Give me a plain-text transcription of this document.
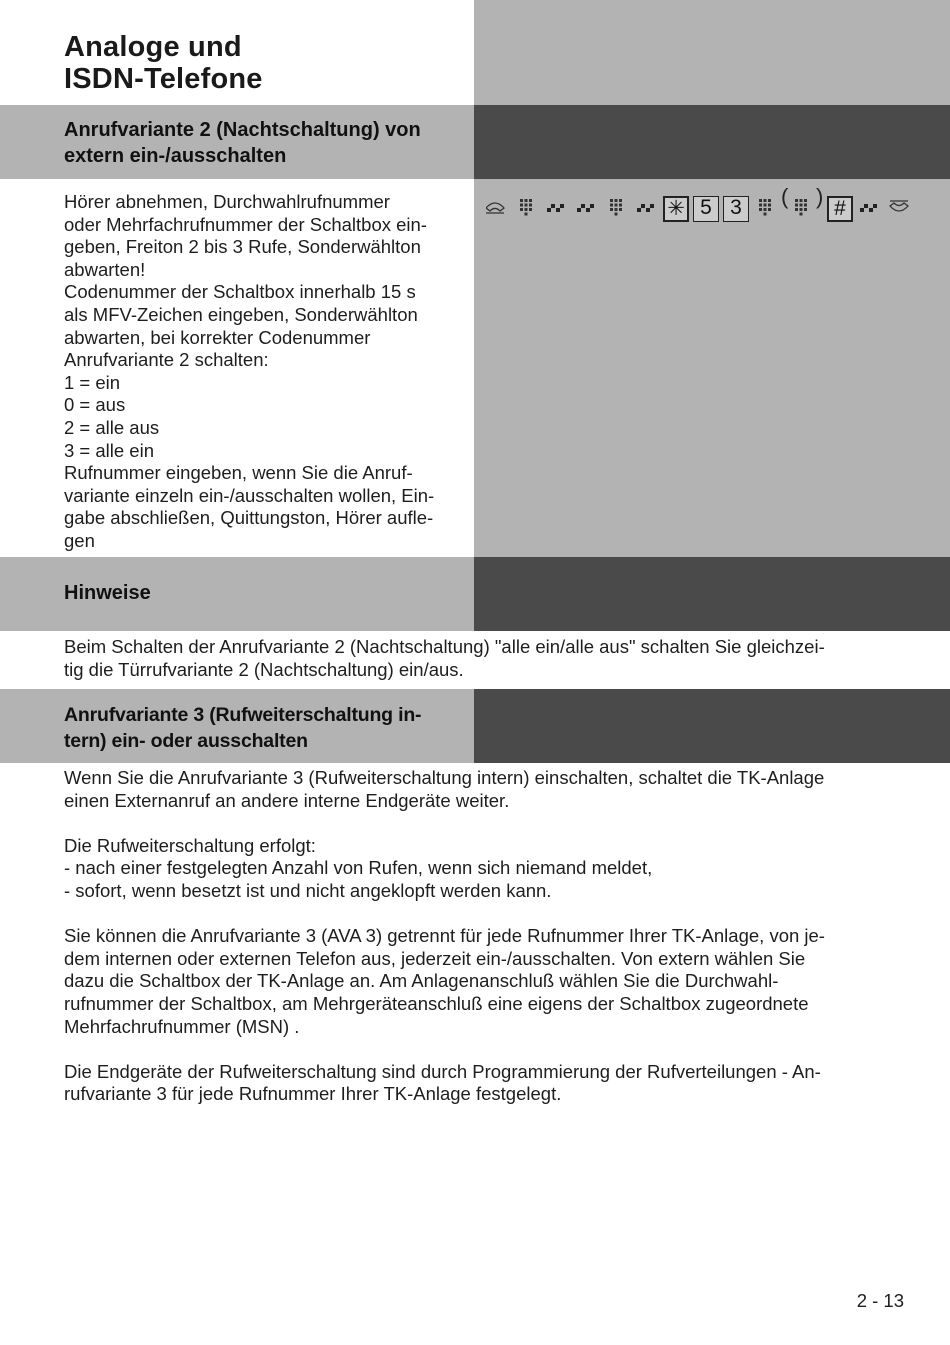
Anrufvariante 2 (Nachtschaltung) von
extern ein-/ausschalten
Hinweise
Anrufvariante 3 (Rufweiterschaltung in-
tern) ein- oder ausschalten
Analoge und
ISDN-Telefone
Hörer abnehmen, Durchwahlrufnummer
oder Mehrfachrufnummer der Schaltbox ein-
geben, Freiton 2 bis 3 Rufe, Sonderwählton
abwarten!
Codenummer der Schaltbox innerhalb 15 s
als MFV-Zeichen eingeben, Sonderwählton
abwarten, bei korrekter Codenummer
Anrufvariante 2 schalten:
1 = ein
0 = aus
2 = alle aus
3 = alle ein
Rufnummer eingeben, wenn Sie die Anruf-
variante einzeln ein-/ausschalten wollen, Ein-
gabe abschließen, Quittungston, Hörer aufle-
gen
✳ 5 3	( ) #
Beim Schalten der Anrufvariante 2 (Nachtschaltung) "alle ein/alle aus" schalten Sie gleichzei-
tig die Türrufvariante 2 (Nachtschaltung) ein/aus.
Wenn Sie die Anrufvariante 3 (Rufweiterschaltung intern) einschalten, schaltet die TK-Anlage
einen Externanruf an andere interne Endgeräte weiter.
Die Rufweiterschaltung erfolgt:
- nach einer festgelegten Anzahl von Rufen, wenn sich niemand meldet,
- sofort, wenn besetzt ist und nicht angeklopft werden kann.
Sie können die Anrufvariante 3 (AVA 3) getrennt für jede Rufnummer Ihrer TK-Anlage, von je-
dem internen oder externen Telefon aus, jederzeit ein-/ausschalten. Von extern wählen Sie
dazu die Schaltbox der TK-Anlage an. Am Anlagenanschluß wählen Sie die Durchwahl-
rufnummer der Schaltbox, am Mehrgeräteanschluß eine eigens der Schaltbox zugeordnete
Mehrfachrufnummer (MSN) .
Die Endgeräte der Rufweiterschaltung sind durch Programmierung der Rufverteilungen - An-
rufvariante 3 für jede Rufnummer Ihrer TK-Anlage festgelegt.
2 - 13
